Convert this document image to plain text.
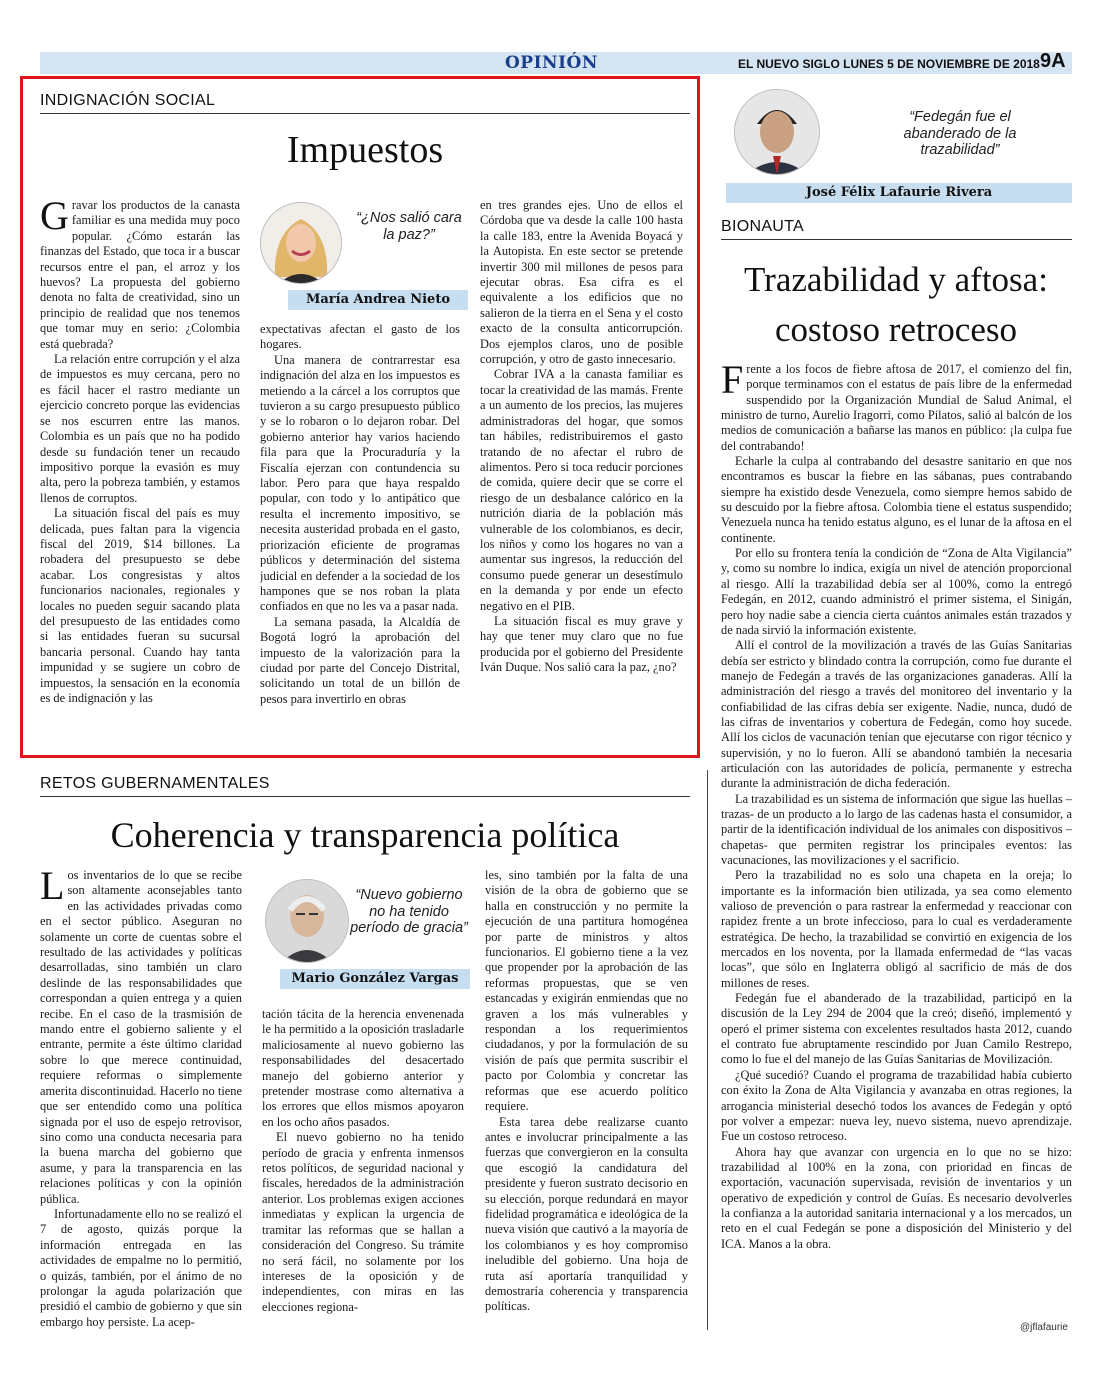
OPINIÓN	EL NUEVO SIGLO LUNES 5 DE NOVIEMBRE DE 2018 9A
INDIGNACIÓN SOCIAL
Impuestos

Gravar los productos de la canasta familiar es una medida muy poco popular. ¿Cómo estarán las finanzas del Estado, que toca ir a buscar recursos entre el pan, el arroz y los huevos? La propuesta del gobierno denota no falta de creatividad, sino un principio de realidad que nos tenemos que tomar muy en serio: ¿Colombia está quebrada?

La relación entre corrupción y el alza de impuestos es muy cercana, pero no es fácil hacer el rastro mediante un ejercicio concreto porque las evidencias se nos escurren entre las manos. Colombia es un país que no ha podido desde su fundación tener un recaudo impositivo porque la evasión es muy alta, pero la pobreza también, y estamos llenos de corruptos.

La situación fiscal del país es muy delicada, pues faltan para la vigencia fiscal del 2019, $14 billones. La robadera del presupuesto se debe acabar. Los congresistas y altos funcionarios nacionales, regionales y locales no pueden seguir sacando plata del presupuesto de las entidades como si las entidades fueran su sucursal bancaria personal. Cuando hay tanta impunidad y se sugiere un cobro de impuestos, la sensación en la economía es de indignación y las

“¿Nos salió cara la paz?”
María Andrea Nieto

expectativas afectan el gasto de los hogares.

Una manera de contrarrestar esa indignación del alza en los impuestos es metiendo a la cárcel a los corruptos que tuvieron a su cargo presupuesto público y se lo robaron o lo dejaron robar. Del gobierno anterior hay varios haciendo fila para que la Procuraduría y la Fiscalía ejerzan con contundencia su labor. Pero para que haya respaldo popular, con todo y lo antipático que resulta el incremento impositivo, se necesita austeridad probada en el gasto, priorización eficiente de programas públicos y determinación del sistema judicial en defender a la sociedad de los hampones que se nos roban la plata confiados en que no les va a pasar nada.

La semana pasada, la Alcaldía de Bogotá logró la aprobación del impuesto de la valorización para la ciudad por parte del Concejo Distrital, solicitando un total de un billón de pesos para invertirlo en obras

en tres grandes ejes. Uno de ellos el Córdoba que va desde la calle 100 hasta la calle 183, entre la Avenida Boyacá y la Autopista. En este sector se pretende invertir 300 mil millones de pesos para ejecutar obras. Esa cifra es el equivalente a los edificios que no salieron de la tierra en el Sena y el costo exacto de la consulta anticorrupción. Dos ejemplos claros, uno de posible corrupción, y otro de gasto innecesario.

Cobrar IVA a la canasta familiar es tocar la creatividad de las mamás. Frente a un aumento de los precios, las mujeres administradoras del hogar, que somos tan hábiles, redistribuiremos el gasto tratando de no afectar el rubro de alimentos. Pero si toca reducir porciones de comida, quiere decir que se corre el riesgo de un desbalance calórico en la nutrición diaria de la población más vulnerable de los colombianos, es decir, los niños y como los hogares no van a aumentar sus ingresos, la reducción del consumo puede generar un desestímulo en la demanda y por ende un efecto negativo en el PIB.

La situación fiscal es muy grave y hay que tener muy claro que no fue producida por el gobierno del Presidente Iván Duque. Nos salió cara la paz, ¿no?

RETOS GUBERNAMENTALES
Coherencia y transparencia política

Los inventarios de lo que se recibe son altamente aconsejables tanto en las actividades privadas como en el sector público. Aseguran no solamente un corte de cuentas sobre el resultado de las actividades y políticas desarrolladas, sino también un claro deslinde de las responsabilidades que correspondan a quien entrega y a quien recibe. En el caso de la trasmisión de mando entre el gobierno saliente y el entrante, permite a éste último claridad sobre lo que merece continuidad, requiere reformas o simplemente amerita discontinuidad. Hacerlo no tiene que ser entendido como una política signada por el uso de espejo retrovisor, sino como una conducta necesaria para la buena marcha del gobierno que asume, y para la transparencia en las relaciones políticas y con la opinión pública.

Infortunadamente ello no se realizó el 7 de agosto, quizás porque la información entregada en las actividades de empalme no lo permitió, o quizás, también, por el ánimo de no prolongar la aguda polarización que presidió el cambio de gobierno y que sin embargo hoy persiste. La acep-

“Nuevo gobierno no ha tenido período de gracia”
Mario González Vargas

tación tácita de la herencia envenenada le ha permitido a la oposición trasladarle maliciosamente al nuevo gobierno las responsabilidades del desacertado manejo del gobierno anterior y pretender mostrase como alternativa a los errores que ellos mismos apoyaron en los ocho años pasados.

El nuevo gobierno no ha tenido período de gracia y enfrenta inmensos retos políticos, de seguridad nacional y fiscales, heredados de la administración anterior. Los problemas exigen acciones inmediatas y explican la urgencia de tramitar las reformas que se hallan a consideración del Congreso. Su trámite no será fácil, no solamente por los intereses de la oposición y de independientes, con miras en las elecciones regiona-

les, sino también por la falta de una visión de la obra de gobierno que se halla en construcción y no permite la ejecución de una partitura homogénea por parte de ministros y altos funcionarios. El gobierno tiene a la vez que propender por la aprobación de las reformas propuestas, que se ven estancadas y exigirán enmiendas que no graven a los más vulnerables y respondan a los requerimientos ciudadanos, y por la formulación de su visión de país que permita suscribir el pacto por Colombia y concretar las reformas que ese acuerdo político requiere.

Esta tarea debe realizarse cuanto antes e involucrar principalmente a las fuerzas que convergieron en la consulta que escogió la candidatura del presidente y fueron sustrato decisorio en su elección, porque redundará en mayor fidelidad programática e ideológica de la nueva visión que cautivó a la mayoría de los colombianos y es hoy compromiso ineludible del gobierno. Una hoja de ruta así aportaría tranquilidad y demostraría coherencia y transparencia políticas.

“Fedegán fue el abanderado de la trazabilidad”
José Félix Lafaurie Rivera
BIONAUTA
Trazabilidad y aftosa: costoso retroceso

Frente a los focos de fiebre aftosa de 2017, el comienzo del fin, porque terminamos con el estatus de país libre de la enfermedad suspendido por la Organización Mundial de Salud Animal, el ministro de turno, Aurelio Iragorri, como Pilatos, salió al balcón de los medios de comunicación a bañarse las manos en público: ¡la culpa fue del contrabando!

Echarle la culpa al contrabando del desastre sanitario en que nos encontramos es buscar la fiebre en las sábanas, pues contrabando siempre ha existido desde Venezuela, como siempre hemos sabido de su descuido por la fiebre aftosa. Colombia tiene el estatus suspendido; Venezuela nunca ha tenido estatus alguno, es el lunar de la aftosa en el continente.

Por ello su frontera tenía la condición de “Zona de Alta Vigilancia” y, como su nombre lo indica, exigía un nivel de atención proporcional al riesgo. Allí la trazabilidad debía ser al 100%, como la entregó Fedegán, en 2012, cuando administró el primer sistema, el Sinigán, pero hoy nadie sabe a ciencia cierta cuántos animales están trazados y de nada sirvió la información existente.

Allí el control de la movilización a través de las Guías Sanitarias debía ser estricto y blindado contra la corrupción, como fue durante el manejo de Fedegán a través de las organizaciones ganaderas. Allí la administración del riesgo a través del monitoreo del inventario y la confiabilidad de las cifras debía ser exigente. Nadie, nunca, dudó de las cifras de inventarios y cobertura de Fedegán, como hoy sucede. Allí los ciclos de vacunación tenían que ejecutarse con rigor técnico y supervisión, y no lo fueron. Allí se abandonó también la necesaria articulación con las autoridades de policía, permanente y estrecha durante la administración de dicha federación.

La trazabilidad es un sistema de información que sigue las huellas –trazas- de un producto a lo largo de las cadenas hasta el consumidor, a partir de la identificación individual de los animales con dispositivos –chapetas- que permiten registrar los principales eventos: las vacunaciones, las movilizaciones y el sacrificio.

Pero la trazabilidad no es solo una chapeta en la oreja; lo importante es la información bien utilizada, ya sea como elemento valioso de prevención o para rastrear la enfermedad y reaccionar con rapidez frente a un brote infeccioso, para lo cual es verdaderamente estratégica. De hecho, la trazabilidad se convirtió en exigencia de los mercados en los noventa, por la llamada enfermedad de “las vacas locas”, que sólo en Inglaterra obligó al sacrificio de más de dos millones de reses.

Fedegán fue el abanderado de la trazabilidad, participó en la discusión de la Ley 294 de 2004 que la creó; diseñó, implementó y operó el primer sistema con excelentes resultados hasta 2012, cuando el contrato fue abruptamente rescindido por Juan Camilo Restrepo, como lo fue el del manejo de las Guías Sanitarias de Movilización.

¿Qué sucedió? Cuando el programa de trazabilidad había cubierto con éxito la Zona de Alta Vigilancia y avanzaba en otras regiones, la arrogancia ministerial desechó todos los avances de Fedegán y optó por volver a empezar: nueva ley, nuevo sistema, nuevo aprendizaje. Fue un costoso retroceso.

Ahora hay que avanzar con urgencia en lo que no se hizo: trazabilidad al 100% en la zona, con prioridad en fincas de exportación, vacunación supervisada, revisión de inventarios y un operativo de expedición y control de Guías. Es necesario devolverles la confianza a la autoridad sanitaria internacional y a los mercados, un reto en el cual Fedegán se pone a disposición del Ministerio y del ICA. Manos a la obra.

@jflafaurie
